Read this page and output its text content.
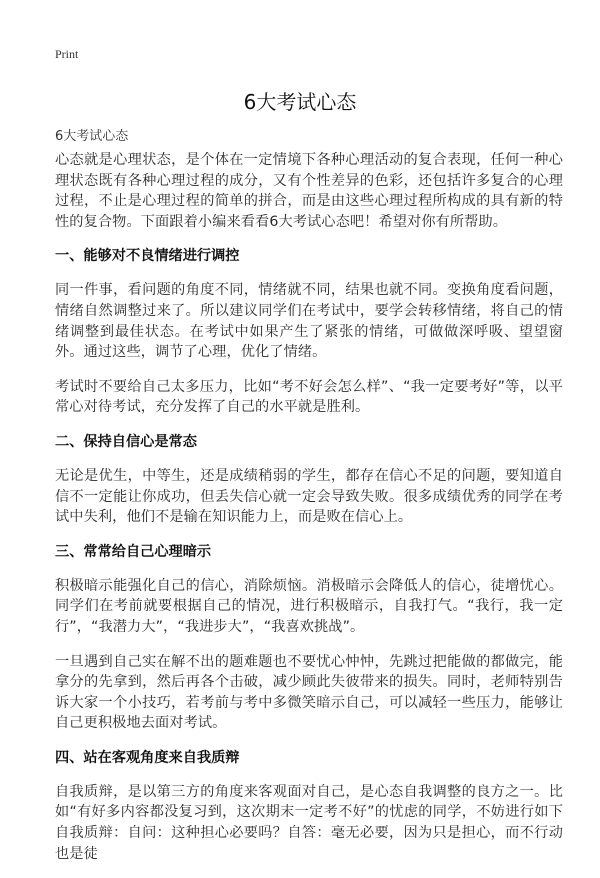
Print
6大考试心态
6大考试心态

心态就是心理状态，是个体在一定情境下各种心理活动的复合表现，任何一种心理状态既有各种心理过程的成分，又有个性差异的色彩，还包括许多复合的心理过程，不止是心理过程的简单的拼合，而是由这些心理过程所构成的具有新的特性的复合物。下面跟着小编来看看6大考试心态吧！希望对你有所帮助。

一、能够对不良情绪进行调控

同一件事，看问题的角度不同，情绪就不同，结果也就不同。变换角度看问题，情绪自然调整过来了。所以建议同学们在考试中，要学会转移情绪，将自己的情绪调整到最佳状态。在考试中如果产生了紧张的情绪，可做做深呼吸、望望窗外。通过这些，调节了心理，优化了情绪。

考试时不要给自己太多压力，比如“考不好会怎么样”、“我一定要考好”等，以平常心对待考试，充分发挥了自己的水平就是胜利。

二、保持自信心是常态

无论是优生，中等生，还是成绩稍弱的学生，都存在信心不足的问题，要知道自信不一定能让你成功，但丢失信心就一定会导致失败。很多成绩优秀的同学在考试中失利，他们不是输在知识能力上，而是败在信心上。

三、常常给自己心理暗示

积极暗示能强化自己的信心，消除烦恼。消极暗示会降低人的信心，徒增忧心。同学们在考前就要根据自己的情况，进行积极暗示，自我打气。“我行，我一定行”，“我潜力大”，“我进步大”，“我喜欢挑战”。

一旦遇到自己实在解不出的题难题也不要忧心忡忡，先跳过把能做的都做完，能拿分的先拿到，然后再各个击破，减少顾此失彼带来的损失。同时，老师特别告诉大家一个小技巧，若考前与考中多微笑暗示自己，可以减轻一些压力，能够让自己更积极地去面对考试。

四、站在客观角度来自我质辩

自我质辩，是以第三方的角度来客观面对自己，是心态自我调整的良方之一。比如“有好多内容都没复习到，这次期末一定考不好”的忧虑的同学，不妨进行如下自我质辩：自问：这种担心必要吗？自答：毫无必要，因为只是担心，而不行动也是徒
